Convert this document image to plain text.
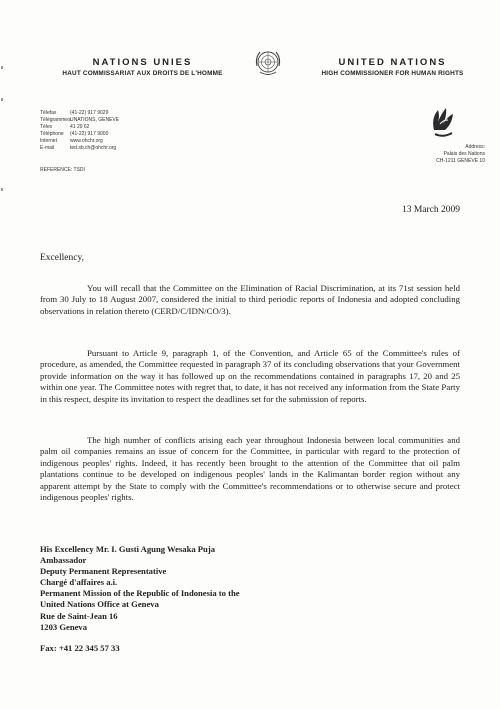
NATIONS UNIES
HAUT COMMISSARIAT AUX DROITS DE L'HOMME
UNITED NATIONS
HIGH COMMISSIONER FOR HUMAN RIGHTS
Télefax	(41-22) 917 9029
Télégrammes UNATIONS, GENEVE
Télex	41 29 62
Téléphone	(41-22) 917 9000
Internet	www.ohchr.org
E-mail	ted.sb.ch@ohchr.org	Address:
Palais des Nations
CH-1211 GENEVE 10
REFERENCE: TSDI
13 March 2009
Excellency,

You will recall that the Committee on the Elimination of Racial Discrimination, at its 71st session held from 30 July to 18 August 2007, considered the initial to third periodic reports of Indonesia and adopted concluding observations in relation thereto (CERD/C/IDN/CO/3).

Pursuant to Article 9, paragraph 1, of the Convention, and Article 65 of the Committee's rules of procedure, as amended, the Committee requested in paragraph 37 of its concluding observations that your Government provide information on the way it has followed up on the recommendations contained in paragraphs 17, 20 and 25 within one year. The Committee notes with regret that, to date, it has not received any information from the State Party in this respect, despite its invitation to respect the deadlines set for the submission of reports.

The high number of conflicts arising each year throughout Indonesia between local communities and palm oil companies remains an issue of concern for the Committee, in particular with regard to the protection of indigenous peoples' rights. Indeed, it has recently been brought to the attention of the Committee that oil palm plantations continue to be developed on indigenous peoples' lands in the Kalimantan border region without any apparent attempt by the State to comply with the Committee's recommendations or to otherwise secure and protect indigenous peoples' rights.

His Excellency Mr. I. Gusti Agung Wesaka Puja
Ambassador
Deputy Permanent Representative
Chargé d'affaires a.i.
Permanent Mission of the Republic of Indonesia to the
United Nations Office at Geneva
Rue de Saint-Jean 16
1203 Geneva
Fax: +41 22 345 57 33
